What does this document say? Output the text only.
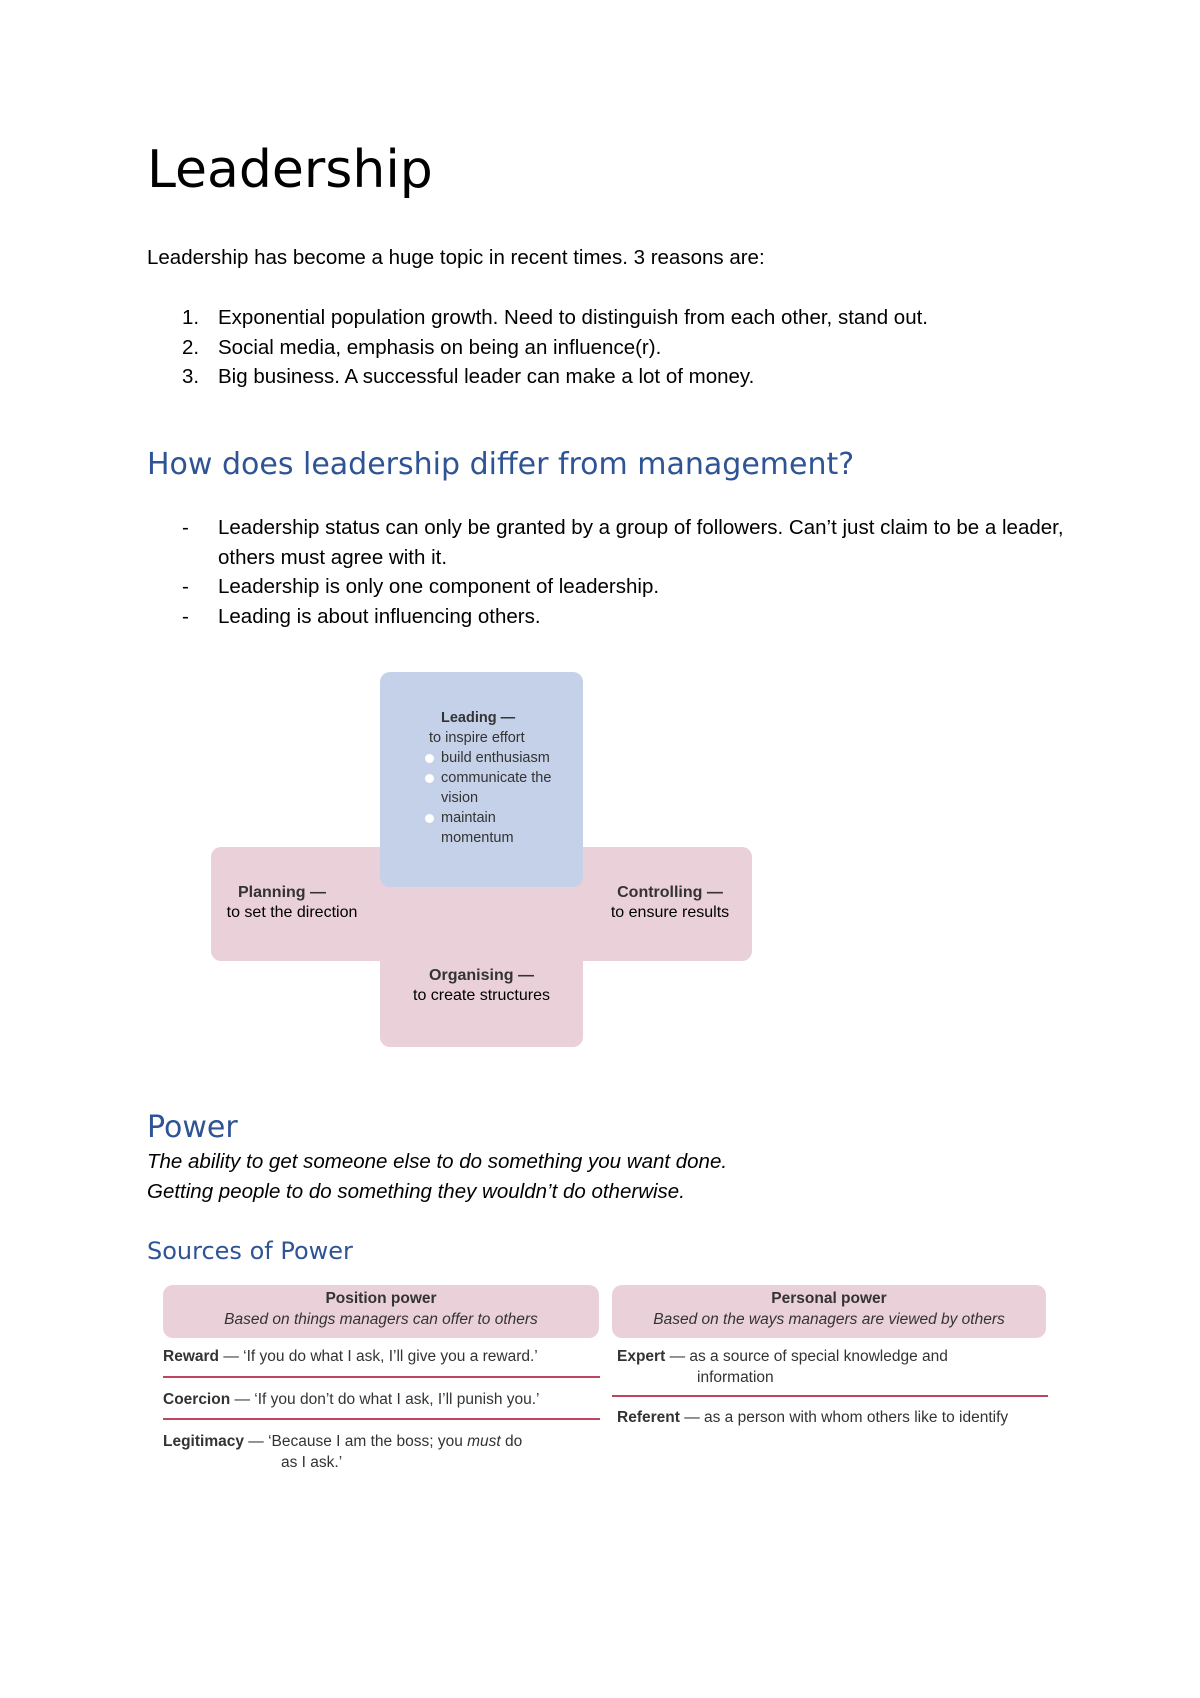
Leadership

Leadership has become a huge topic in recent times. 3 reasons are:

1. Exponential population growth. Need to distinguish from each other, stand out.
2. Social media, emphasis on being an influence(r).
3. Big business. A successful leader can make a lot of money.
How does leadership differ from management?
- Leadership status can only be granted by a group of followers. Can’t just claim to be a leader, others must agree with it.
- Leadership is only one component of leadership.
- Leading is about influencing others.
Leading —
to inspire effort
build enthusiasm
communicate the vision
maintain momentum
Planning —
to set the direction
Controlling —
to ensure results
Organising —
to create structures
Power
The ability to get someone else to do something you want done.
Getting people to do something they wouldn’t do otherwise.
Sources of Power
Position power
Based on things managers can offer to others
Personal power
Based on the ways managers are viewed by others
Reward — ‘If you do what I ask, I’ll give you a reward.’
Coercion — ‘If you don’t do what I ask, I’ll punish you.’
Legitimacy — ‘Because I am the boss; you must do
as I ask.’
Expert — as a source of special knowledge and
information
Referent — as a person with whom others like to identify
